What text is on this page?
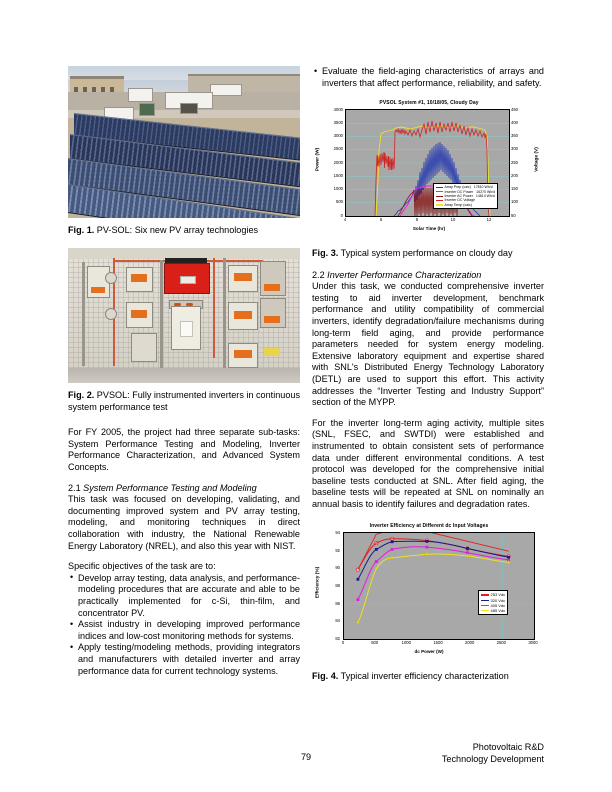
Fig. 1. PV-SOL: Six new PV array technologies

Fig. 2. PVSOL: Fully instrumented inverters in continuous system performance test

For FY 2005, the project had three separate sub-tasks: System Performance Testing and Modeling, Inverter Performance Characterization, and Advanced System Concepts.

2.1 System Performance Testing and Modeling

This task was focused on developing, validating, and documenting improved system and PV array testing, modeling, and monitoring techniques in direct collaboration with industry, the National Renewable Energy Laboratory (NREL), and also this year with NIST.

Specific objectives of the task are to:

• Develop array testing, data analysis, and performance-modeling procedures that are accurate and able to be practically implemented for c-Si, thin-film, and concentrator PV.
• Assist industry in developing improved performance indices and low-cost monitoring methods for systems.
• Apply testing/modeling methods, providing integrators and manufacturers with detailed inverter and array performance data for current technology systems.
• Evaluate the field-aging characteristics of arrays and inverters that affect performance, reliability, and safety.
PVSOL System #1, 10/18/05, Cloudy Day
4000
3500
3000
2500
2000
1500
1000
500
0
450
400
350
300
250
200
150
100
50
4	6	8	10	12
Solar Time (hr)
Power (W)	Voltage (V)
Array Prep (calc) 17810 Wh/d
Inverter DC Power 16270 Wh/d
Inverter AC Power 14814 Wh/d
Inverter DC Voltage
Array Temp (calc)

Fig. 3. Typical system performance on cloudy day

2.2 Inverter Performance Characterization

Under this task, we conducted comprehensive inverter testing to aid inverter development, benchmark performance and utility compatibility of commercial inverters, identify degradation/failure mechanisms during long-term field aging, and provide performance parameters needed for system energy modeling. Extensive laboratory equipment and expertise shared with SNL's Distributed Energy Technology Laboratory (DETL) are used to support this effort. This activity addresses the “Inverter Testing and Industry Support” section of the MYPP.

For the inverter long-term aging activity, multiple sites (SNL, FSEC, and SWTDI) were established and instrumented to obtain consistent sets of performance data under different environmental conditions. A test protocol was developed for the comprehensive initial baseline tests conducted at SNL. After field aging, the baseline tests will be repeated at SNL on nominally an annual basis to identify failures and degradation rates.

Inverter Efficiency at Different dc Input Voltages
94
92
90
88
86
84
82
0	500	1000	1500	2000	2500	3000
dc Power (W)
Efficiency (%)	253 Vdc
320 Vdc
405 Vdc
485 Vdc

Fig. 4. Typical inverter efficiency characterization

79
Photovoltaic R&D
Technology Development
